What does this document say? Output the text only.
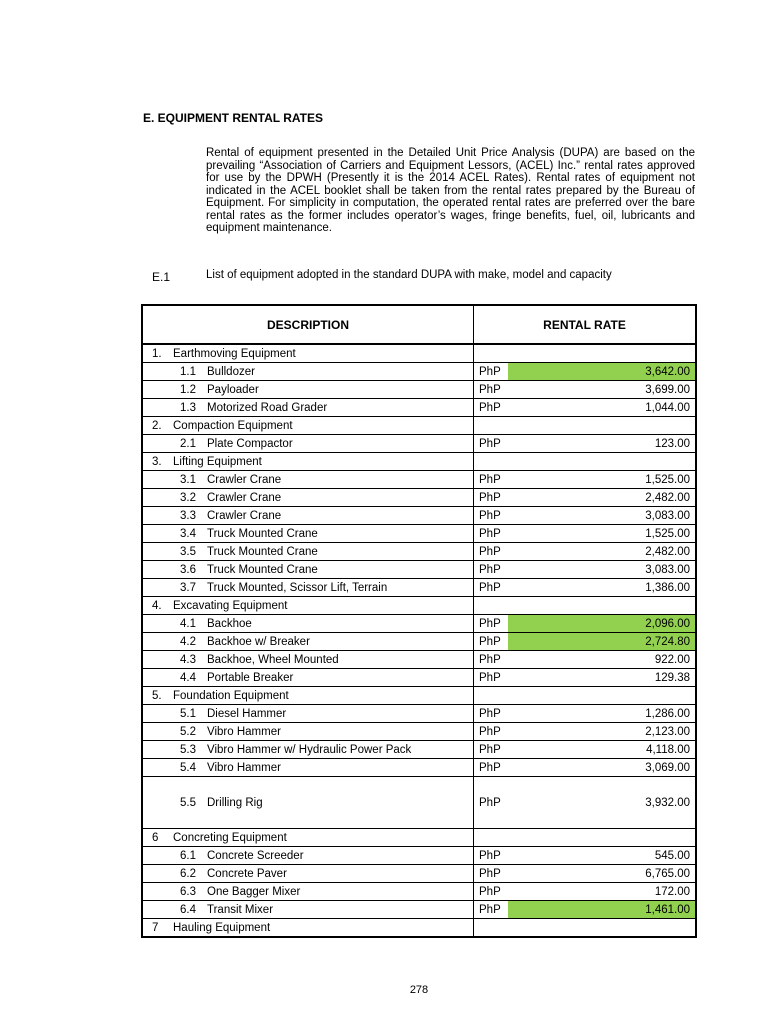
E. EQUIPMENT RENTAL RATES
Rental of equipment presented in the Detailed Unit Price Analysis (DUPA) are based on the prevailing “Association of Carriers and Equipment Lessors, (ACEL) Inc.” rental rates approved for use by the DPWH (Presently it is the 2014 ACEL Rates). Rental rates of equipment not indicated in the ACEL booklet shall be taken from the rental rates prepared by the Bureau of Equipment. For simplicity in computation, the operated rental rates are preferred over the bare rental rates as the former includes operator’s wages, fringe benefits, fuel, oil, lubricants and equipment maintenance.
E.1	List of equipment adopted in the standard DUPA with make, model and capacity
DESCRIPTION	RENTAL RATE

1. Earthmoving Equipment	

1.1 Bulldozer	PhP 3,642.00

1.2 Payloader	PhP 3,699.00

1.3 Motorized Road Grader	PhP 1,044.00

2. Compaction Equipment	

2.1 Plate Compactor	PhP 123.00

3. Lifting Equipment	

3.1 Crawler Crane	PhP 1,525.00

3.2 Crawler Crane	PhP 2,482.00

3.3 Crawler Crane	PhP 3,083.00

3.4 Truck Mounted Crane	PhP 1,525.00

3.5 Truck Mounted Crane	PhP 2,482.00

3.6 Truck Mounted Crane	PhP 3,083.00

3.7 Truck Mounted, Scissor Lift, Terrain	PhP 1,386.00

4. Excavating Equipment	

4.1 Backhoe	PhP 2,096.00

4.2 Backhoe w/ Breaker	PhP 2,724.80

4.3 Backhoe, Wheel Mounted	PhP 922.00

4.4 Portable Breaker	PhP 129.38

5. Foundation Equipment	

5.1 Diesel Hammer	PhP 1,286.00

5.2 Vibro Hammer	PhP 2,123.00

5.3 Vibro Hammer w/ Hydraulic Power Pack	PhP 4,118.00

5.4 Vibro Hammer	PhP 3,069.00

5.5 Drilling Rig	PhP 3,932.00

6 Concreting Equipment	

6.1 Concrete Screeder	PhP 545.00

6.2 Concrete Paver	PhP 6,765.00

6.3 One Bagger Mixer	PhP 172.00

6.4 Transit Mixer	PhP 1,461.00

7 Hauling Equipment	

278
